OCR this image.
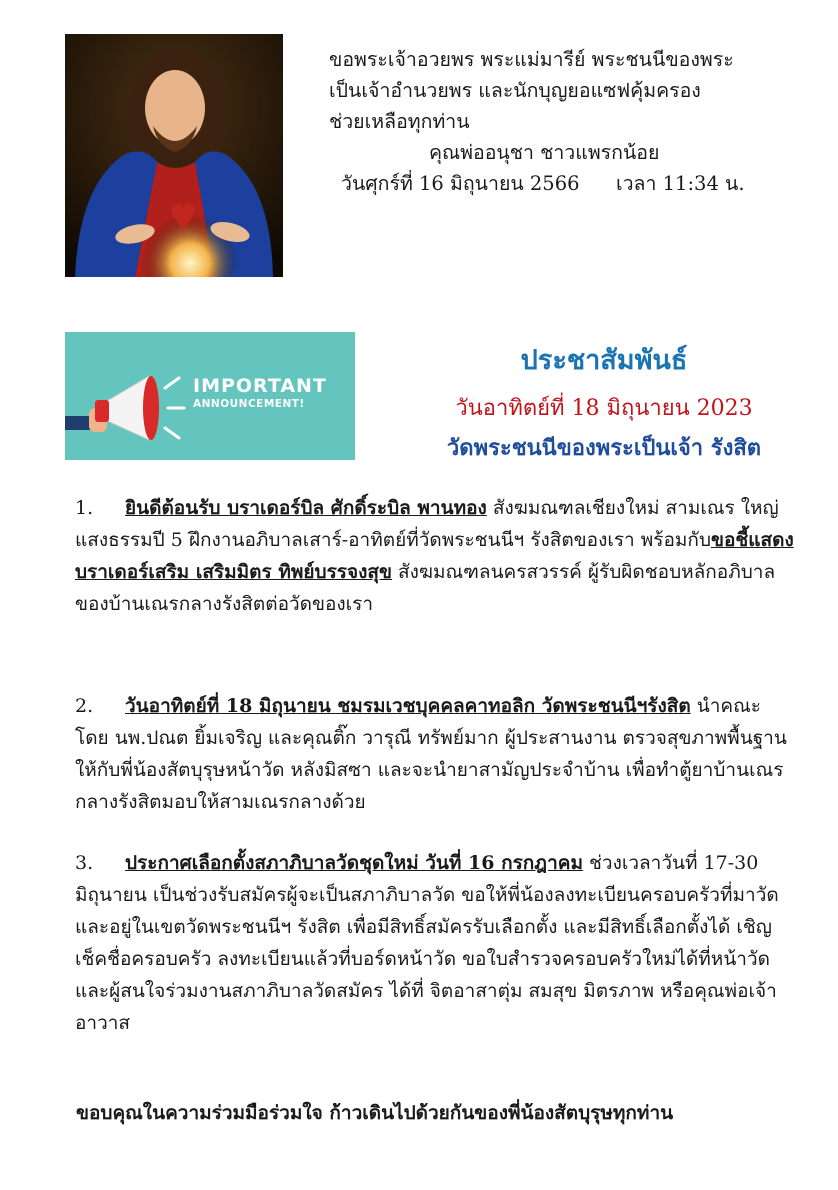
ขอพระเจ้าอวยพร พระแม่มารีย์ พระชนนีของพระ
เป็นเจ้าอำนวยพร และนักบุญยอแซฟคุ้มครอง
ช่วยเหลือทุกท่าน
คุณพ่ออนุชา ชาวแพรกน้อย
วันศุกร์ที่ 16 มิถุนายน 2566 เวลา 11:34 น.
IMPORTANT
ANNOUNCEMENT!
ประชาสัมพันธ์
วันอาทิตย์ที่ 18 มิถุนายน 2023
วัดพระชนนีของพระเป็นเจ้า รังสิต

1. ยินดีต้อนรับ บราเดอร์บิล ศักดิ์ระบิล พานทอง สังฆมณฑลเชียงใหม่ สามเณร ใหญ่แสงธรรมปี 5 ฝึกงานอภิบาลเสาร์-อาทิตย์ที่วัดพระชนนีฯ รังสิตของเรา พร้อมกับขอชี้แสดง บราเดอร์เสริม เสริมมิตร ทิพย์บรรจงสุข สังฆมณฑลนครสวรรค์ ผู้รับผิดชอบหลักอภิบาลของบ้านเณรกลางรังสิตต่อวัดของเรา

2. วันอาทิตย์ที่ 18 มิถุนายน ชมรมเวชบุคคลคาทอลิก วัดพระชนนีฯรังสิต นำคณะ โดย นพ.ปณต ยิ้มเจริญ และคุณติ๊ก วารุณี ทรัพย์มาก ผู้ประสานงาน ตรวจสุขภาพพื้นฐานให้กับพี่น้องสัตบุรุษหน้าวัด หลังมิสซา และจะนำยาสามัญประจำบ้าน เพื่อทำตู้ยาบ้านเณรกลางรังสิตมอบให้สามเณรกลางด้วย

3. ประกาศเลือกตั้งสภาภิบาลวัดชุดใหม่ วันที่ 16 กรกฎาคม ช่วงเวลาวันที่ 17-30 มิถุนายน เป็นช่วงรับสมัครผู้จะเป็นสภาภิบาลวัด ขอให้พี่น้องลงทะเบียนครอบครัวที่มาวัด และอยู่ในเขตวัดพระชนนีฯ รังสิต เพื่อมีสิทธิ์สมัครรับเลือกตั้ง และมีสิทธิ์เลือกตั้งได้ เชิญเช็คชื่อครอบครัว ลงทะเบียนแล้วที่บอร์ดหน้าวัด ขอใบสำรวจครอบครัวใหม่ได้ที่หน้าวัด และผู้สนใจร่วมงานสภาภิบาลวัดสมัคร ได้ที่ จิตอาสาตุ่ม สมสุข มิตรภาพ หรือคุณพ่อเจ้าอาวาส

ขอบคุณในความร่วมมือร่วมใจ ก้าวเดินไปด้วยกันของพี่น้องสัตบุรุษทุกท่าน
